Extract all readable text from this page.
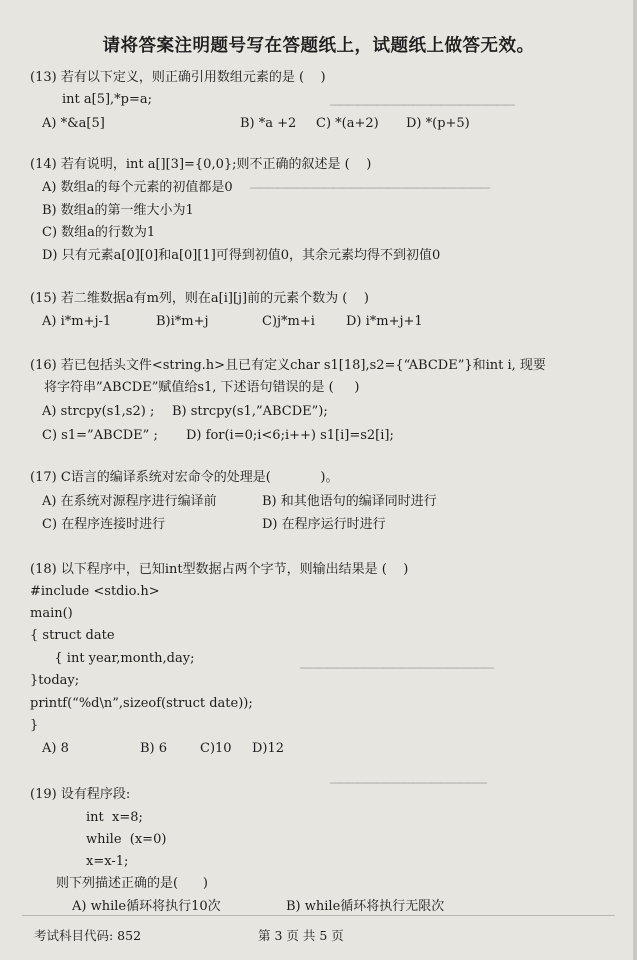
▁▁▁▁▁▁▁▁▁▁▁▁▁▁▁▁▁▁▁▁
▁▁▁▁▁▁▁▁▁▁▁▁▁▁▁▁▁▁▁▁▁▁▁▁▁▁
▁▁▁▁▁▁▁▁▁▁▁▁▁▁▁▁▁▁▁▁▁
▁▁▁▁▁▁▁▁▁▁▁▁▁▁▁▁▁
请将答案注明题号写在答题纸上，试题纸上做答无效。
(13) 若有以下定义，则正确引用数组元素的是 (    )
int a[5],*p=a;
A) *&a[5]	B) *a +2 C) *(a+2) D) *(p+5)
(14) 若有说明，int a[][3]={0,0};则不正确的叙述是 (    )
A) 数组a的每个元素的初值都是0
B) 数组a的第一维大小为1
C) 数组a的行数为1
D) 只有元素a[0][0]和a[0][1]可得到初值0，其余元素均得不到初值0
(15) 若二维数据a有m列，则在a[i][j]前的元素个数为 (    )
A) i*m+j-1	B)i*m+j	C)j*m+i D) i*m+j+1
(16) 若已包括头文件<string.h>且已有定义char s1[18],s2={“ABCDE”}和int i, 现要
将字符串”ABCDE”赋值给s1, 下述语句错误的是 (     )
A) strcpy(s1,s2) ; B) strcpy(s1,”ABCDE”);
C) s1=”ABCDE” ; D) for(i=0;i<6;i++) s1[i]=s2[i];
(17) C语言的编译系统对宏命令的处理是(            )。
A) 在系统对源程序进行编译前	B) 和其他语句的编译同时进行
C) 在程序连接时进行	D) 在程序运行时进行
(18) 以下程序中，已知int型数据占两个字节，则输出结果是 (    )
#include <stdio.h>
main()
{ struct date
{ int year,month,day;
}today;
printf(“%d\n”,sizeof(struct date));
}
A) 8	B) 6	C)10 D)12
(19) 设有程序段:
int  x=8;
while  (x=0)
x=x-1;
则下列描述正确的是(      )
A) while循环将执行10次	B) while循环将执行无限次
考试科目代码: 852	第 3 页 共 5 页
